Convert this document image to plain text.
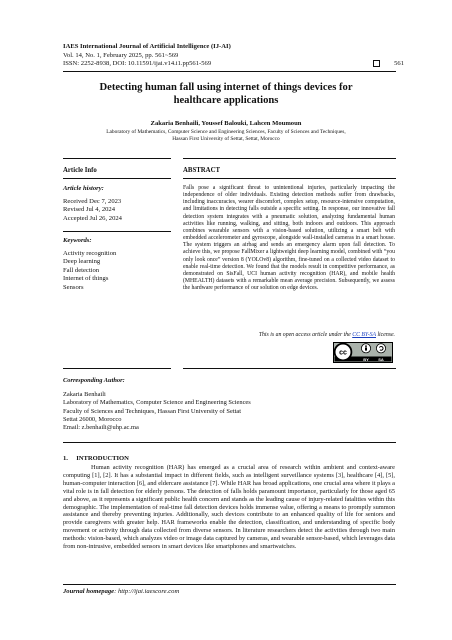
IAES International Journal of Artificial Intelligence (IJ-AI)
Vol. 14, No. 1, February 2025, pp. 561~569
ISSN: 2252-8938, DOI: 10.11591/ijai.v14.i1.pp561-569	561
Detecting human fall using internet of things devices for
healthcare applications
Zakaria Benhaili, Youssef Balouki, Lahcen Moumoun
Laboratory of Mathematics, Computer Science and Engineering Sciences, Faculty of Sciences and Techniques,
Hassan First University of Settat, Settat, Morocco
Article Info
Article history:
Received Dec 7, 2023
Revised Jul 4, 2024
Accepted Jul 26, 2024
Keywords:
Activity recognition
Deep learning
Fall detection
Internet of things
Sensors
ABSTRACT
Falls pose a significant threat to unintentional injuries, particularly impacting the independence of older individuals. Existing detection methods suffer from drawbacks, including inaccuracies, wearer discomfort, complex setup, resource-intensive computation, and limitations in detecting falls outside a specific setting. In response, our innovative fall detection system integrates with a pneumatic solution, analyzing fundamental human activities like running, walking, and sitting, both indoors and outdoors. This approach combines wearable sensors with a vision-based solution, utilizing a smart belt with embedded accelerometer and gyroscope, alongside wall-installed cameras in a smart house. The system triggers an airbag and sends an emergency alarm upon fall detection. To achieve this, we propose FallMixer a lightweight deep learning model, combined with “you only look once” version 8 (YOLOv8) algorithm, fine-tuned on a collected video dataset to enable real-time detection. We found that the models result in competitive performance, as demonstrated on SisFall, UCI human activity recognition (HAR), and mobile health (MHEALTH) datasets with a remarkable mean average precision. Subsequently, we assess the hardware performance of our solution on edge devices.
This is an open access article under the CC BY-SA license.
cc
BY SA
Corresponding Author:
Zakaria Benhaili
Laboratory of Mathematics, Computer Science and Engineering Sciences
Faculty of Sciences and Techniques, Hassan First University of Settat
Settat 26000, Morocco
Email: z.benhaili@uhp.ac.ma
1.     INTRODUCTION
Human activity recognition (HAR) has emerged as a crucial area of research within ambient and context-aware computing [1], [2]. It has a substantial impact in different fields, such as intelligent surveillance systems [3], healthcare [4], [5], human-computer interaction [6], and eldercare assistance [7]. While HAR has broad applications, one crucial area where it plays a vital role is in fall detection for elderly persons. The detection of falls holds paramount importance, particularly for those aged 65 and above, as it represents a significant public health concern and stands as the leading cause of injury-related fatalities within this demographic. The implementation of real-time fall detection devices holds immense value, offering a means to promptly summon assistance and thereby preventing injuries. Additionally, such devices contribute to an enhanced quality of life for seniors and provide caregivers with greater help. HAR frameworks enable the detection, classification, and understanding of specific body movement or activity through data collected from diverse sensors. In literature researchers detect the activities through two main methods: vision-based, which analyzes video or image data captured by cameras, and wearable sensor-based, which leverages data from non-intrusive, embedded sensors in smart devices like smartphones and smartwatches.
Journal homepage: http://ijai.iaescore.com
